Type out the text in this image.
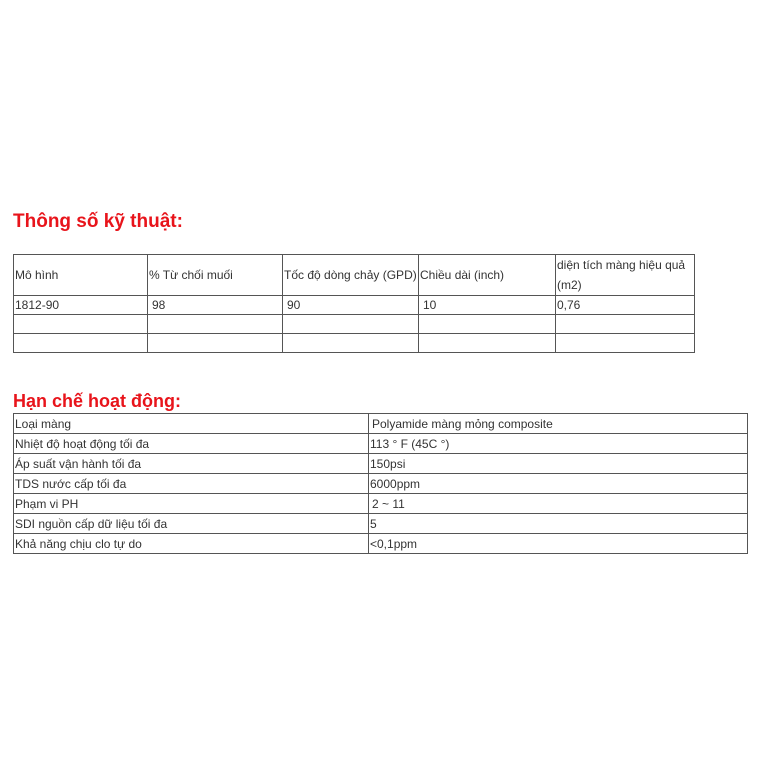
Thông số kỹ thuật:
Mô hình	% Từ chối muối	Tốc độ dòng chảy (GPD)	Chiều dài (inch)	diện tích màng hiệu quả (m2)
1812-90	98	90	10	0,76

Hạn chế hoạt động:
Loại màng	Polyamide màng mỏng composite
Nhiệt độ hoạt động tối đa	113 ° F (45C °)
Áp suất vận hành tối đa	150psi
TDS nước cấp tối đa	6000ppm
Phạm vi PH	2 ~ 11
SDI nguồn cấp dữ liệu tối đa	5
Khả năng chịu clo tự do	<0,1ppm
